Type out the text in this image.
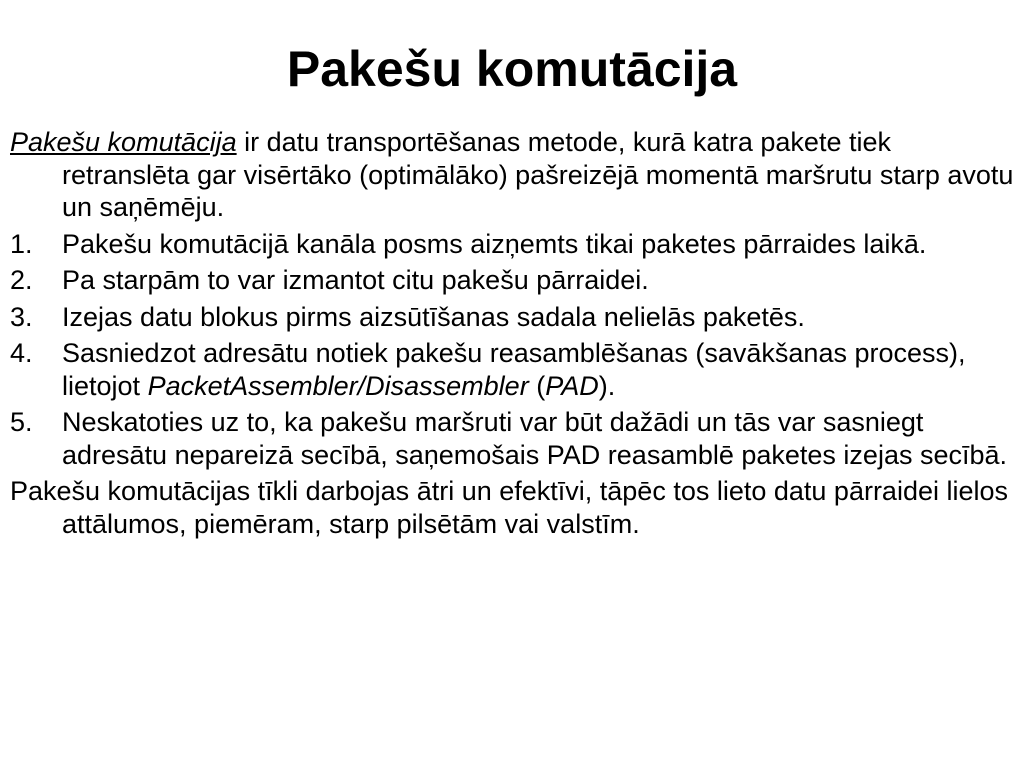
Pakešu komutācija

Pakešu komutācija ir datu transportēšanas metode, kurā katra pakete tiek retranslēta gar visērtāko (optimālāko) pašreizējā momentā maršrutu starp avotu un saņēmēju.

1. Pakešu komutācijā kanāla posms aizņemts tikai paketes pārraides laikā.
2. Pa starpām to var izmantot citu pakešu pārraidei.
3. Izejas datu blokus pirms aizsūtīšanas sadala nelielās paketēs.
4. Sasniedzot adresātu notiek pakešu reasamblēšanas (savākšanas process), lietojot PacketAssembler/Disassembler (PAD).
5. Neskatoties uz to, ka pakešu maršruti var būt dažādi un tās var sasniegt adresātu nepareizā secībā, saņemošais PAD reasamblē paketes izejas secībā.

Pakešu komutācijas tīkli darbojas ātri un efektīvi, tāpēc tos lieto datu pārraidei lielos attālumos, piemēram, starp pilsētām vai valstīm.
